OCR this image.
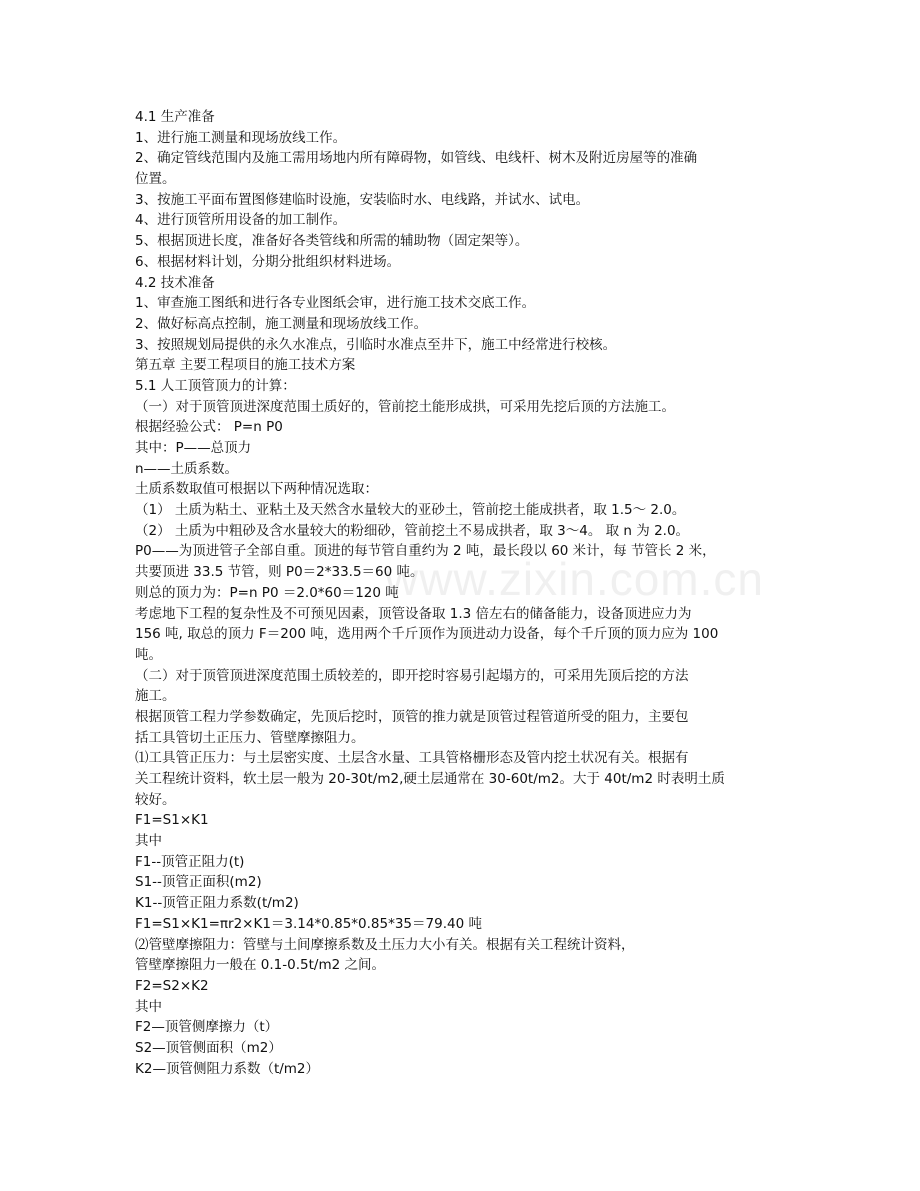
www.zixin.com.cn
4.1 生产准备
1、进行施工测量和现场放线工作。
2、确定管线范围内及施工需用场地内所有障碍物，如管线、电线杆、树木及附近房屋等的准确
位置。
3、按施工平面布置图修建临时设施，安装临时水、电线路，并试水、试电。
4、进行顶管所用设备的加工制作。
5、根据顶进长度，准备好各类管线和所需的辅助物（固定架等）。
6、根据材料计划，分期分批组织材料进场。
4.2 技术准备
1、审查施工图纸和进行各专业图纸会审，进行施工技术交底工作。
2、做好标高点控制，施工测量和现场放线工作。
3、按照规划局提供的永久水准点，引临时水准点至井下，施工中经常进行校核。
第五章 主要工程项目的施工技术方案
5.1 人工顶管顶力的计算：
（一）对于顶管顶进深度范围土质好的，管前挖土能形成拱，可采用先挖后顶的方法施工。
根据经验公式： P=n P0
其中：P——总顶力
n——土质系数。
土质系数取值可根据以下两种情况选取：
（1） 土质为粘土、亚粘土及天然含水量较大的亚砂土，管前挖土能成拱者，取 1.5～ 2.0。
（2） 土质为中粗砂及含水量较大的粉细砂，管前挖土不易成拱者，取 3～4。 取 n 为 2.0。
P0——为顶进管子全部自重。顶进的每节管自重约为 2 吨，最长段以 60 米计，每 节管长 2 米，
共要顶进 33.5 节管，则 P0＝2*33.5＝60 吨。
则总的顶力为：P=n P0 ＝2.0*60＝120 吨
考虑地下工程的复杂性及不可预见因素，顶管设备取 1.3 倍左右的储备能力，设备顶进应力为
156 吨, 取总的顶力 F＝200 吨，选用两个千斤顶作为顶进动力设备，每个千斤顶的顶力应为 100
吨。
（二）对于顶管顶进深度范围土质较差的，即开挖时容易引起塌方的，可采用先顶后挖的方法
施工。
根据顶管工程力学参数确定，先顶后挖时，顶管的推力就是顶管过程管道所受的阻力，主要包
括工具管切土正压力、管壁摩擦阻力。
⑴工具管正压力：与土层密实度、土层含水量、工具管格栅形态及管内挖土状况有关。根据有
关工程统计资料，软土层一般为 20-30t/m2,硬土层通常在 30-60t/m2。大于 40t/m2 时表明土质
较好。
F1=S1×K1
其中
F1--顶管正阻力(t)
S1--顶管正面积(m2)
K1--顶管正阻力系数(t/m2)
F1=S1×K1=πr2×K1＝3.14*0.85*0.85*35＝79.40 吨
⑵管壁摩擦阻力：管壁与土间摩擦系数及土压力大小有关。根据有关工程统计资料，
管壁摩擦阻力一般在 0.1-0.5t/m2 之间。
F2=S2×K2
其中
F2—顶管侧摩擦力（t）
S2—顶管侧面积（m2）
K2—顶管侧阻力系数（t/m2）
